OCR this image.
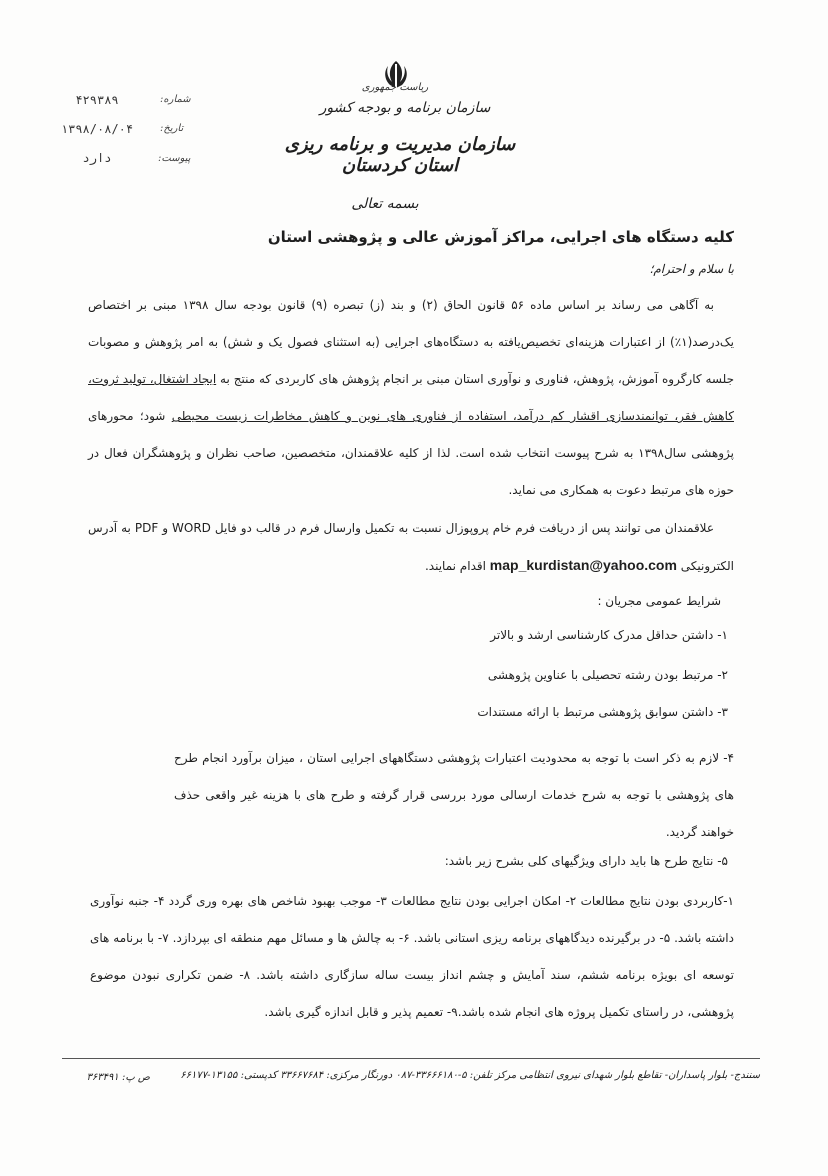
ریاست جمهوری
سازمان برنامه و بودجه کشور
سازمان مدیریت و برنامه ریزی استان کردستان
شماره:
۴۲۹۳۸۹
تاریخ:
۱۳۹۸/۰۸/۰۴
پیوست:
دارد
بسمه تعالی
کلیه دستگاه های اجرایی، مراکز آموزش عالی و پژوهشی استان
با سلام و احترام؛
به آگاهی می رساند بر اساس ماده ۵۶ قانون الحاق (۲) و بند (ز) تبصره (۹) قانون بودجه سال ۱۳۹۸ مبنی بر اختصاص یک‌درصد(۱٪) از اعتبارات هزینه‌ای تخصیص‌یافته به دستگاه‌های اجرایی (به استثنای فصول یک و شش) به امر پژوهش و مصوبات جلسه کارگروه آموزش، پژوهش، فناوری و نوآوری استان مبنی بر انجام پژوهش های کاربردی که منتج به ایجاد اشتغال، تولید ثروت، کاهش فقر، توانمندسازی اقشار کم درآمد، استفاده از فناوری های نوین و کاهش مخاطرات زیست محیطی شود؛ محورهای پژوهشی سال۱۳۹۸ به شرح پیوست انتخاب شده است. لذا از کلیه علاقمندان، متخصصین، صاحب نظران و پژوهشگران فعال در حوزه های مرتبط دعوت به همکاری می نماید.
علاقمندان می توانند پس از دریافت فرم خام پروپوزال نسبت به تکمیل وارسال فرم در قالب دو فایل WORD و PDF به آدرس الکترونیکی map_kurdistan@yahoo.com اقدام نمایند.
شرایط عمومی مجریان :
۱- داشتن حداقل مدرک کارشناسی ارشد و بالاتر
۲- مرتبط بودن رشته تحصیلی با عناوین پژوهشی
۳- داشتن سوابق پژوهشی مرتبط با ارائه مستندات
۴- لازم به ذکر است با توجه به محدودیت اعتبارات پژوهشی دستگاههای اجرایی استان ، میزان برآورد انجام طرح های پژوهشی با توجه به شرح خدمات ارسالی مورد بررسی قرار گرفته و طرح های با هزینه غیر واقعی حذف خواهند گردید.
۵- نتایج طرح ها باید دارای ویژگیهای کلی بشرح زیر باشد:
۱-کاربردی بودن نتایج مطالعات ۲- امکان اجرایی بودن نتایج مطالعات ۳- موجب بهبود شاخص های بهره وری گردد ۴- جنبه نوآوری داشته باشد. ۵- در برگیرنده دیدگاههای برنامه ریزی استانی باشد. ۶- به چالش ها و مسائل مهم منطقه ای بپردازد. ۷- با برنامه های توسعه ای بویژه برنامه ششم، سند آمایش و چشم انداز بیست ساله سازگاری داشته باشد. ۸- ضمن تکراری نبودن موضوع پژوهشی، در راستای تکمیل پروژه های انجام شده باشد.۹- تعمیم پذیر و قابل اندازه گیری باشد.
سنندج- بلوار پاسداران- تقاطع بلوار شهدای نیروی انتظامی مرکز تلفن: ۵-۳۳۶۶۶۱۸۰-۰۸۷ دورنگار مرکزی: ۳۳۶۶۷۶۸۴ کدپستی: ۱۳۱۵۵-۶۶۱۷۷
ص پ: ۳۶۳۴۹۱
